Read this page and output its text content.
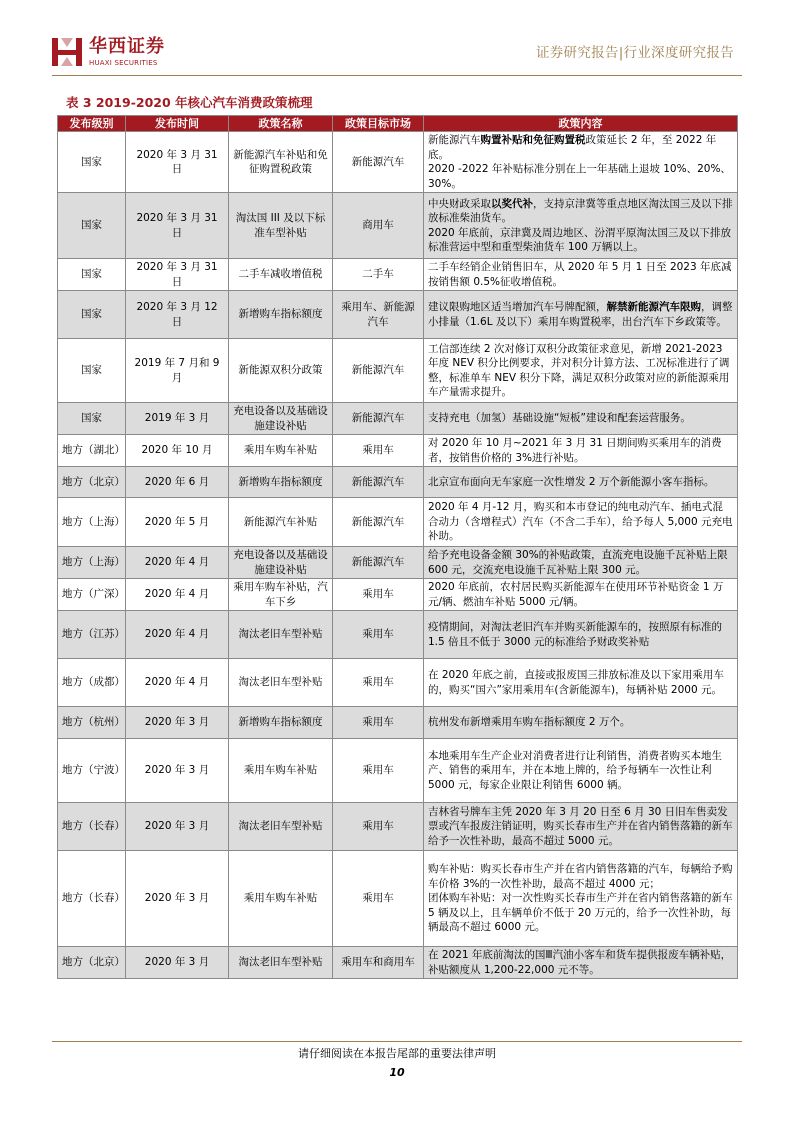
华西证券
HUAXI SECURITIES
证券研究报告|行业深度研究报告
表 3 2019-2020 年核心汽车消费政策梳理
发布级别	发布时间	政策名称	政策目标市场	政策内容
国家	2020 年 3 月 31 日	新能源汽车补贴和免征购置税政策	新能源汽车	新能源汽车购置补贴和免征购置税政策延长 2 年，至 2022 年底。
2020 -2022 年补贴标准分别在上一年基础上退坡 10%、20%、30%。
国家	2020 年 3 月 31 日	淘汰国 III 及以下标准车型补贴	商用车	中央财政采取以奖代补，支持京津冀等重点地区淘汰国三及以下排放标准柴油货车。
2020 年底前，京津冀及周边地区、汾渭平原淘汰国三及以下排放标准营运中型和重型柴油货车 100 万辆以上。
国家	2020 年 3 月 31 日	二手车减收增值税	二手车	二手车经销企业销售旧车，从 2020 年 5 月 1 日至 2023 年底减按销售额 0.5%征收增值税。
国家	2020 年 3 月 12 日	新增购车指标额度	乘用车、新能源汽车	建议限购地区适当增加汽车号牌配额，解禁新能源汽车限购，调整小排量（1.6L 及以下）乘用车购置税率，出台汽车下乡政策等。
国家	2019 年 7 月和 9 月	新能源双积分政策	新能源汽车	工信部连续 2 次对修订双积分政策征求意见，新增 2021-2023 年度 NEV 积分比例要求，并对积分计算方法、工况标准进行了调整，标准单车 NEV 积分下降，满足双积分政策对应的新能源乘用车产量需求提升。
国家	2019 年 3 月	充电设备以及基础设施建设补贴	新能源汽车	支持充电（加氢）基础设施“短板”建设和配套运营服务。
地方（湖北）	2020 年 10 月	乘用车购车补贴	乘用车	对 2020 年 10 月~2021 年 3 月 31 日期间购买乘用车的消费者，按销售价格的 3%进行补贴。
地方（北京）	2020 年 6 月	新增购车指标额度	新能源汽车	北京宣布面向无车家庭一次性增发 2 万个新能源小客车指标。
地方（上海）	2020 年 5 月	新能源汽车补贴	新能源汽车	2020 年 4 月-12 月，购买和本市登记的纯电动汽车、插电式混合动力（含增程式）汽车（不含二手车），给予每人 5,000 元充电补助。
地方（上海）	2020 年 4 月	充电设备以及基础设施建设补贴	新能源汽车	给予充电设备金额 30%的补贴政策，直流充电设施千瓦补贴上限 600 元，交流充电设施千瓦补贴上限 300 元。
地方（广深）	2020 年 4 月	乘用车购车补贴，汽车下乡	乘用车	2020 年底前，农村居民购买新能源车在使用环节补贴资金 1 万元/辆、燃油车补贴 5000 元/辆。
地方（江苏）	2020 年 4 月	淘汰老旧车型补贴	乘用车	疫情期间，对淘汰老旧汽车并购买新能源车的，按照原有标准的 1.5 倍且不低于 3000 元的标准给予财政奖补贴
地方（成都）	2020 年 4 月	淘汰老旧车型补贴	乘用车	在 2020 年底之前，直接或报废国三排放标准及以下家用乘用车的，购买“国六”家用乘用车(含新能源车)，每辆补贴 2000 元。
地方（杭州）	2020 年 3 月	新增购车指标额度	乘用车	杭州发布新增乘用车购车指标额度 2 万个。
地方（宁波）	2020 年 3 月	乘用车购车补贴	乘用车	本地乘用车生产企业对消费者进行让利销售，消费者购买本地生产、销售的乘用车，并在本地上牌的，给予每辆车一次性让利 5000 元，每家企业限让利销售 6000 辆。
地方（长春）	2020 年 3 月	淘汰老旧车型补贴	乘用车	吉林省号牌车主凭 2020 年 3 月 20 日至 6 月 30 日旧车售卖发票或汽车报废注销证明，购买长春市生产并在省内销售落籍的新车给予一次性补助，最高不超过 5000 元。
地方（长春）	2020 年 3 月	乘用车购车补贴	乘用车	购车补贴：购买长春市生产并在省内销售落籍的汽车，每辆给予购车价格 3%的一次性补助，最高不超过 4000 元；
团体购车补贴：对一次性购买长春市生产并在省内销售落籍的新车 5 辆及以上，且车辆单价不低于 20 万元的，给予一次性补助，每辆最高不超过 6000 元。
地方（北京）	2020 年 3 月	淘汰老旧车型补贴	乘用车和商用车	在 2021 年底前淘汰的国Ⅲ汽油小客车和货车提供报废车辆补贴，补贴额度从 1,200-22,000 元不等。
请仔细阅读在本报告尾部的重要法律声明
10
